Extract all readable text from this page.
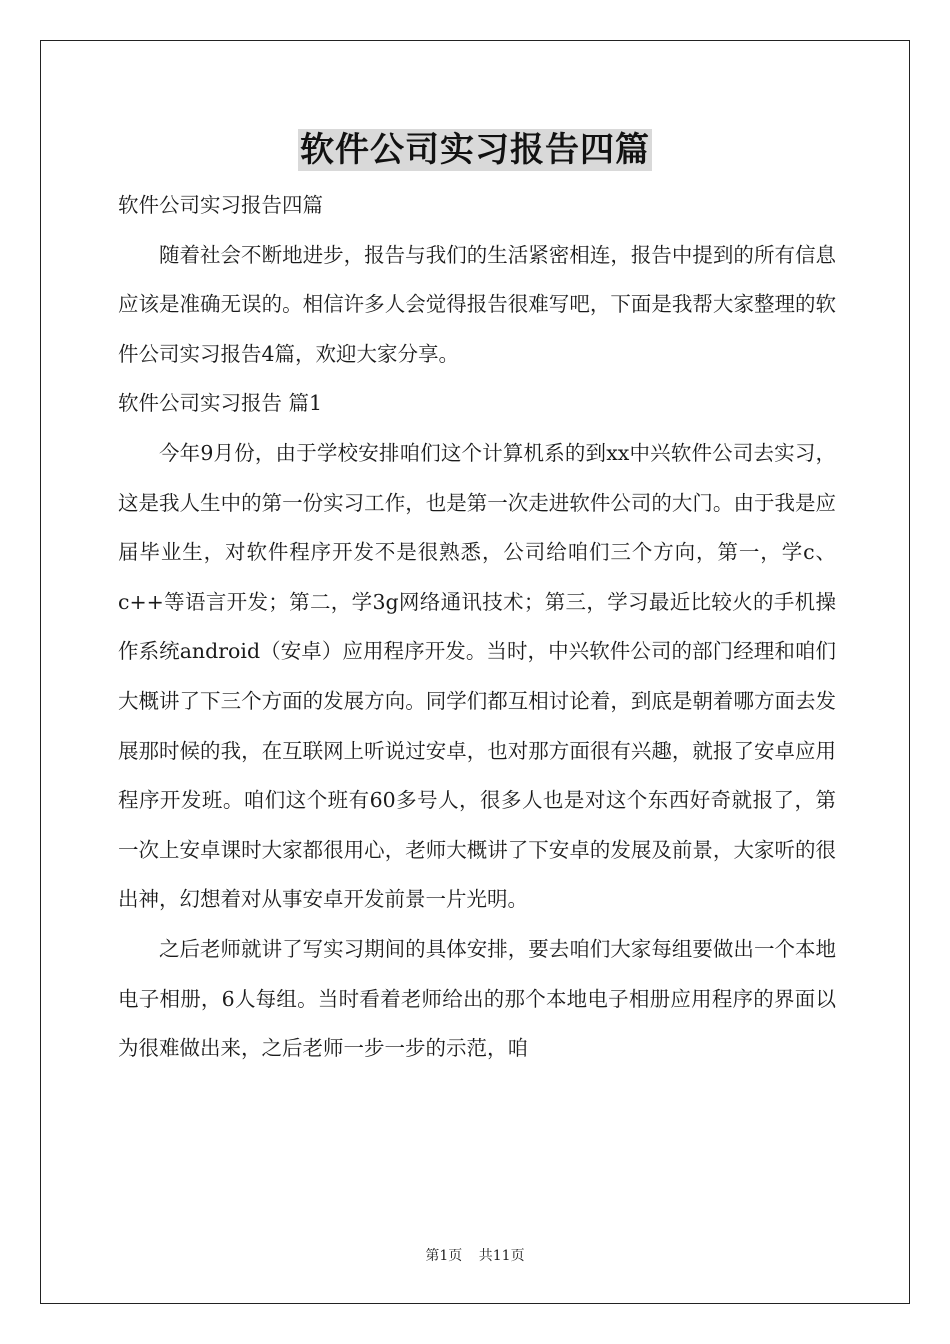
软件公司实习报告四篇

软件公司实习报告四篇

随着社会不断地进步，报告与我们的生活紧密相连，报告中提到的所有信息应该是准确无误的。相信许多人会觉得报告很难写吧，下面是我帮大家整理的软件公司实习报告4篇，欢迎大家分享。

软件公司实习报告 篇1

今年9月份，由于学校安排咱们这个计算机系的到xx中兴软件公司去实习，这是我人生中的第一份实习工作，也是第一次走进软件公司的大门。由于我是应届毕业生，对软件程序开发不是很熟悉，公司给咱们三个方向，第一，学c、c++等语言开发；第二，学3g网络通讯技术；第三，学习最近比较火的手机操作系统android（安卓）应用程序开发。当时，中兴软件公司的部门经理和咱们大概讲了下三个方面的发展方向。同学们都互相讨论着，到底是朝着哪方面去发展那时候的我，在互联网上听说过安卓，也对那方面很有兴趣，就报了安卓应用程序开发班。咱们这个班有60多号人，很多人也是对这个东西好奇就报了，第一次上安卓课时大家都很用心，老师大概讲了下安卓的发展及前景，大家听的很出神，幻想着对从事安卓开发前景一片光明。

之后老师就讲了写实习期间的具体安排，要去咱们大家每组要做出一个本地电子相册，6人每组。当时看着老师给出的那个本地电子相册应用程序的界面以为很难做出来，之后老师一步一步的示范，咱

第1页 共11页
